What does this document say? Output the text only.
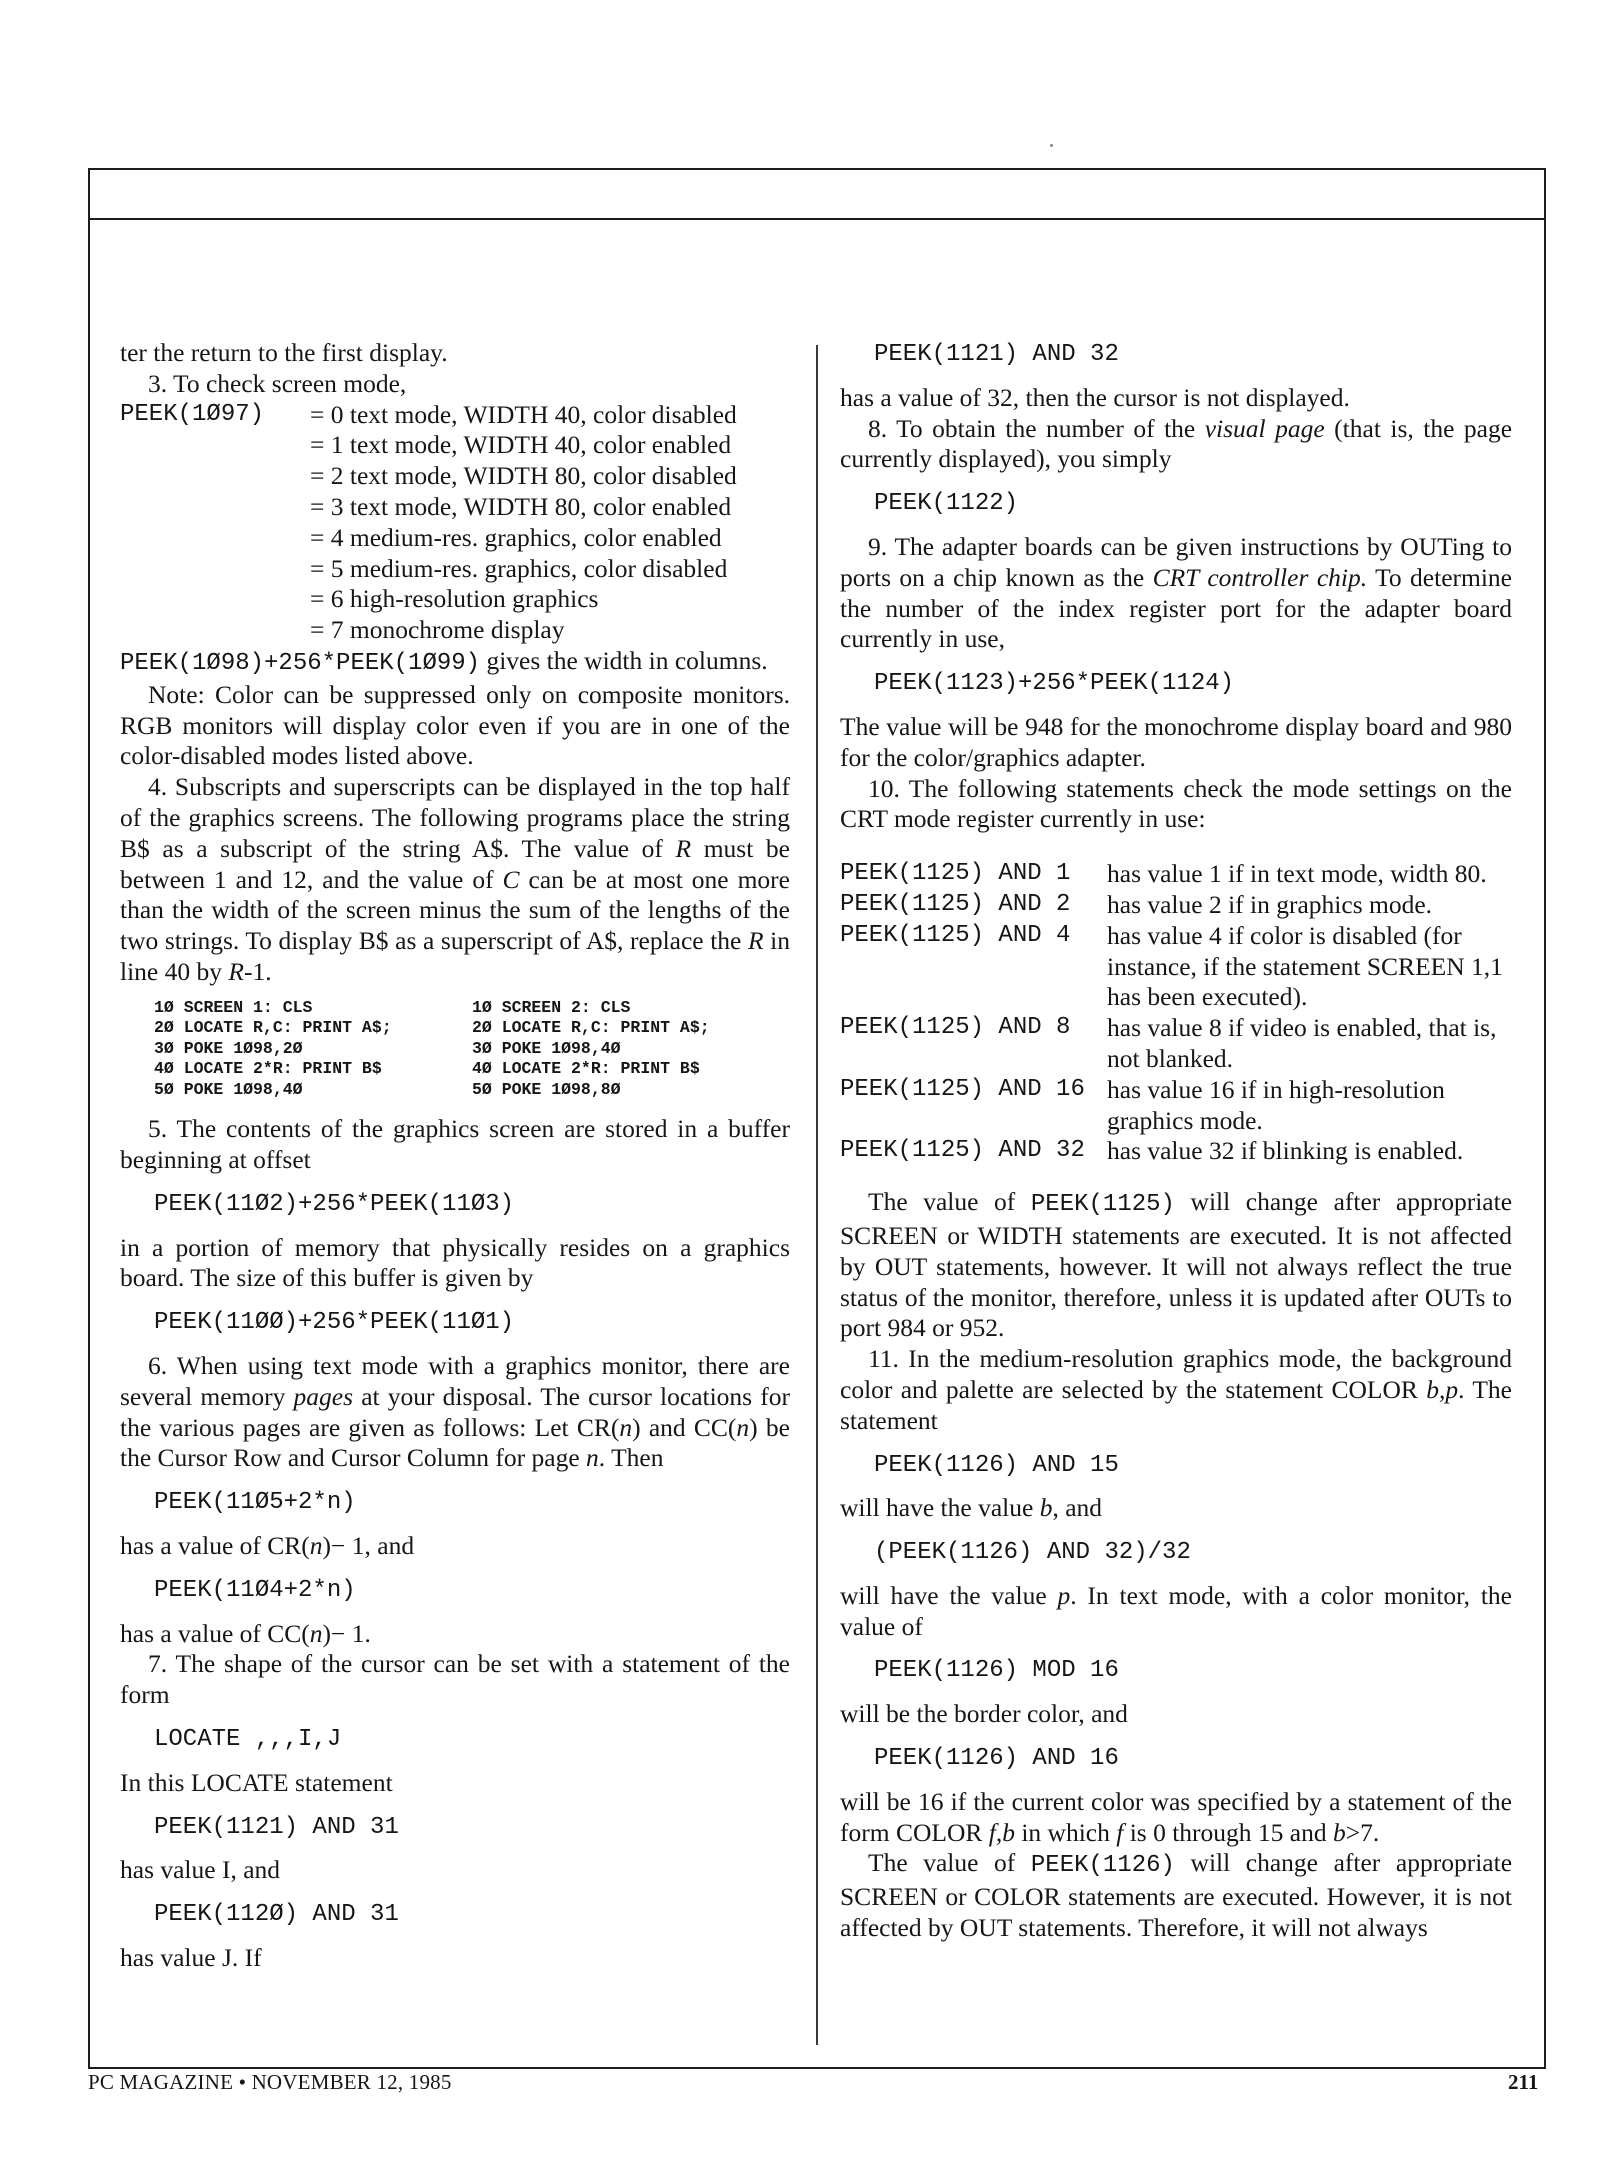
ter the return to the first display.

3. To check screen mode,

PEEK(1Ø97)	= 0 text mode, WIDTH 40, color disabled
= 1 text mode, WIDTH 40, color enabled
= 2 text mode, WIDTH 80, color disabled
= 3 text mode, WIDTH 80, color enabled
= 4 medium-res. graphics, color enabled
= 5 medium-res. graphics, color disabled
= 6 high-resolution graphics
= 7 monochrome display

PEEK(1Ø98)+256*PEEK(1Ø99) gives the width in columns.

Note: Color can be suppressed only on composite monitors. RGB monitors will display color even if you are in one of the color-disabled modes listed above.

4. Subscripts and superscripts can be displayed in the top half of the graphics screens. The following programs place the string B$ as a subscript of the string A$. The value of R must be between 1 and 12, and the value of C can be at most one more than the width of the screen minus the sum of the lengths of the two strings. To display B$ as a superscript of A$, replace the R in line 40 by R-1.

1Ø SCREEN 1: CLS	1Ø SCREEN 2: CLS
2Ø LOCATE R,C: PRINT A$;	2Ø LOCATE R,C: PRINT A$;
3Ø POKE 1Ø98,2Ø	3Ø POKE 1Ø98,4Ø
4Ø LOCATE 2*R: PRINT B$	4Ø LOCATE 2*R: PRINT B$
5Ø POKE 1Ø98,4Ø	5Ø POKE 1Ø98,8Ø

5. The contents of the graphics screen are stored in a buffer beginning at offset

PEEK(11Ø2)+256*PEEK(11Ø3)

in a portion of memory that physically resides on a graphics board. The size of this buffer is given by

PEEK(11ØØ)+256*PEEK(11Ø1)

6. When using text mode with a graphics monitor, there are several memory pages at your disposal. The cursor locations for the various pages are given as follows: Let CR(n) and CC(n) be the Cursor Row and Cursor Column for page n. Then

PEEK(11Ø5+2*n)

has a value of CR(n)− 1, and

PEEK(11Ø4+2*n)

has a value of CC(n)− 1.

7. The shape of the cursor can be set with a statement of the form

LOCATE ,,,I,J

In this LOCATE statement

PEEK(1121) AND 31

has value I, and

PEEK(112Ø) AND 31

has value J. If

PEEK(1121) AND 32

has a value of 32, then the cursor is not displayed.

8. To obtain the number of the visual page (that is, the page currently displayed), you simply

PEEK(1122)

9. The adapter boards can be given instructions by OUTing to ports on a chip known as the CRT controller chip. To determine the number of the index register port for the adapter board currently in use,

PEEK(1123)+256*PEEK(1124)

The value will be 948 for the monochrome display board and 980 for the color/graphics adapter.

10. The following statements check the mode settings on the CRT mode register currently in use:

PEEK(1125) AND 1	has value 1 if in text mode, width 80.
PEEK(1125) AND 2	has value 2 if in graphics mode.
PEEK(1125) AND 4	has value 4 if color is disabled (for instance, if the statement SCREEN 1,1 has been executed).
PEEK(1125) AND 8	has value 8 if video is enabled, that is, not blanked.
PEEK(1125) AND 16 has value 16 if in high-resolution graphics mode.
PEEK(1125) AND 32 has value 32 if blinking is enabled.

The value of PEEK(1125) will change after appropriate SCREEN or WIDTH statements are executed. It is not affected by OUT statements, however. It will not always reflect the true status of the monitor, therefore, unless it is updated after OUTs to port 984 or 952.

11. In the medium-resolution graphics mode, the background color and palette are selected by the statement COLOR b,p. The statement

PEEK(1126) AND 15

will have the value b, and

(PEEK(1126) AND 32)/32

will have the value p. In text mode, with a color monitor, the value of

PEEK(1126) MOD 16

will be the border color, and

PEEK(1126) AND 16

will be 16 if the current color was specified by a statement of the form COLOR f,b in which f is 0 through 15 and b>7.

The value of PEEK(1126) will change after appropriate SCREEN or COLOR statements are executed. However, it is not affected by OUT statements. Therefore, it will not always

PC MAGAZINE • NOVEMBER 12, 1985	211
